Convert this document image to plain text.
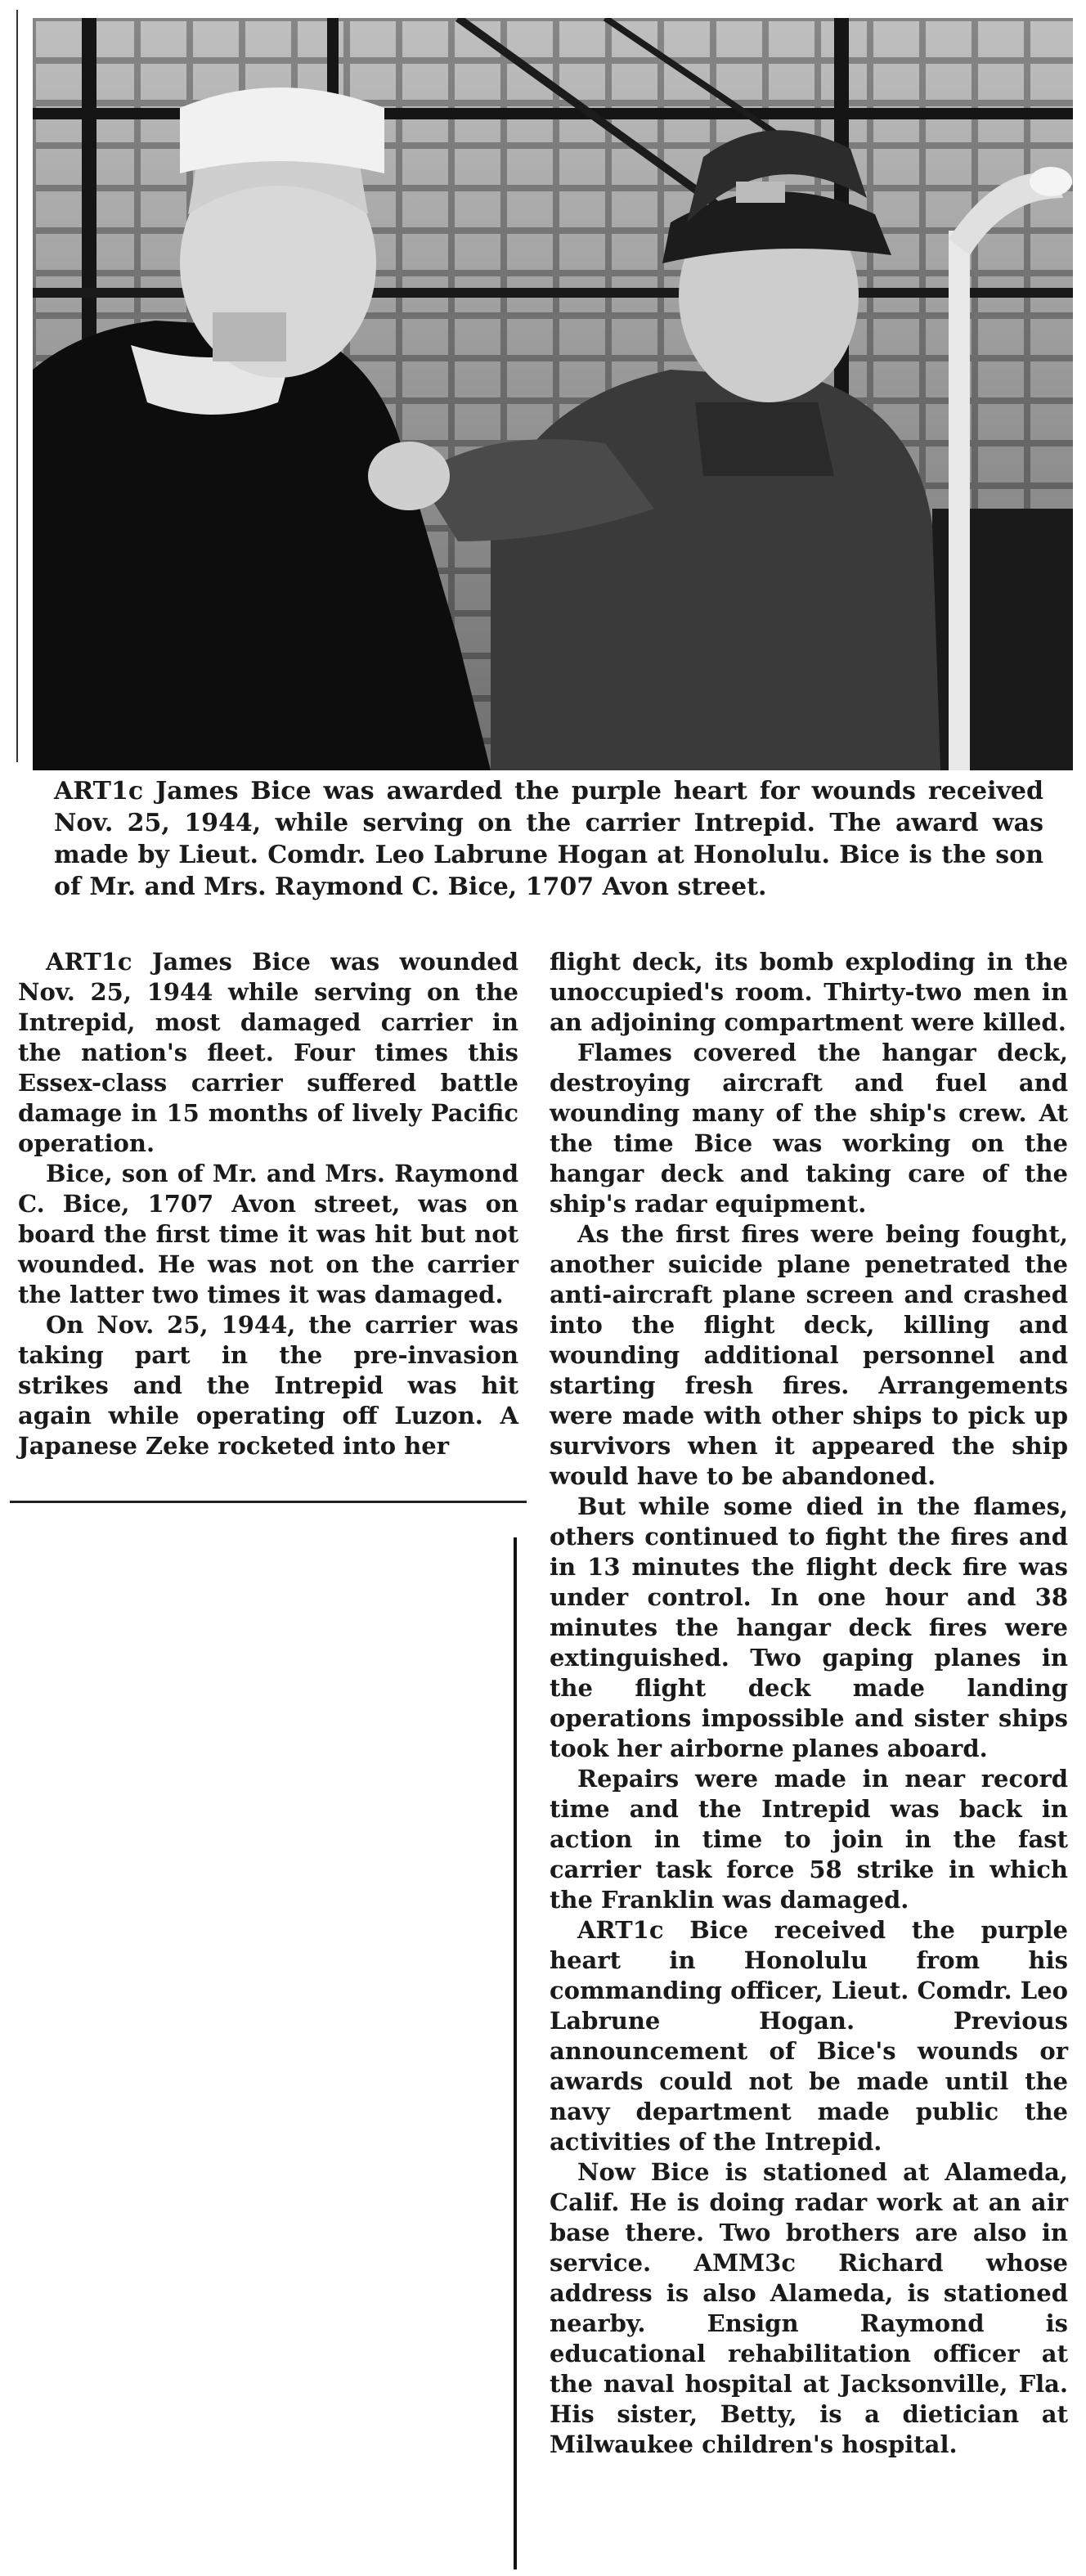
ART1c James Bice was awarded the purple heart for wounds received Nov. 25, 1944, while serving on the carrier Intrepid. The award was made by Lieut. Comdr. Leo Labrune Hogan at Honolulu. Bice is the son of Mr. and Mrs. Raymond C. Bice, 1707 Avon street.

ART1c James Bice was wounded Nov. 25, 1944 while serving on the Intrepid, most damaged carrier in the nation's fleet. Four times this Essex-class carrier suffered battle damage in 15 months of lively Pacific operation.

Bice, son of Mr. and Mrs. Raymond C. Bice, 1707 Avon street, was on board the first time it was hit but not wounded. He was not on the carrier the latter two times it was damaged.

On Nov. 25, 1944, the carrier was taking part in the pre-invasion strikes and the Intrepid was hit again while operating off Luzon. A Japanese Zeke rocketed into her

flight deck, its bomb exploding in the unoccupied's room. Thirty-two men in an adjoining compartment were killed.

Flames covered the hangar deck, destroying aircraft and fuel and wounding many of the ship's crew. At the time Bice was working on the hangar deck and taking care of the ship's radar equipment.

As the first fires were being fought, another suicide plane penetrated the anti-aircraft plane screen and crashed into the flight deck, killing and wounding additional personnel and starting fresh fires. Arrangements were made with other ships to pick up survivors when it appeared the ship would have to be abandoned.

But while some died in the flames, others continued to fight the fires and in 13 minutes the flight deck fire was under control. In one hour and 38 minutes the hangar deck fires were extinguished. Two gaping planes in the flight deck made landing operations impossible and sister ships took her airborne planes aboard.

Repairs were made in near record time and the Intrepid was back in action in time to join in the fast carrier task force 58 strike in which the Franklin was damaged.

ART1c Bice received the purple heart in Honolulu from his commanding officer, Lieut. Comdr. Leo Labrune Hogan. Previous announcement of Bice's wounds or awards could not be made until the navy department made public the activities of the Intrepid.

Now Bice is stationed at Alameda, Calif. He is doing radar work at an air base there. Two brothers are also in service. AMM3c Richard whose address is also Alameda, is stationed nearby. Ensign Raymond is educational rehabilitation officer at the naval hospital at Jacksonville, Fla. His sister, Betty, is a dietician at Milwaukee children's hospital.
